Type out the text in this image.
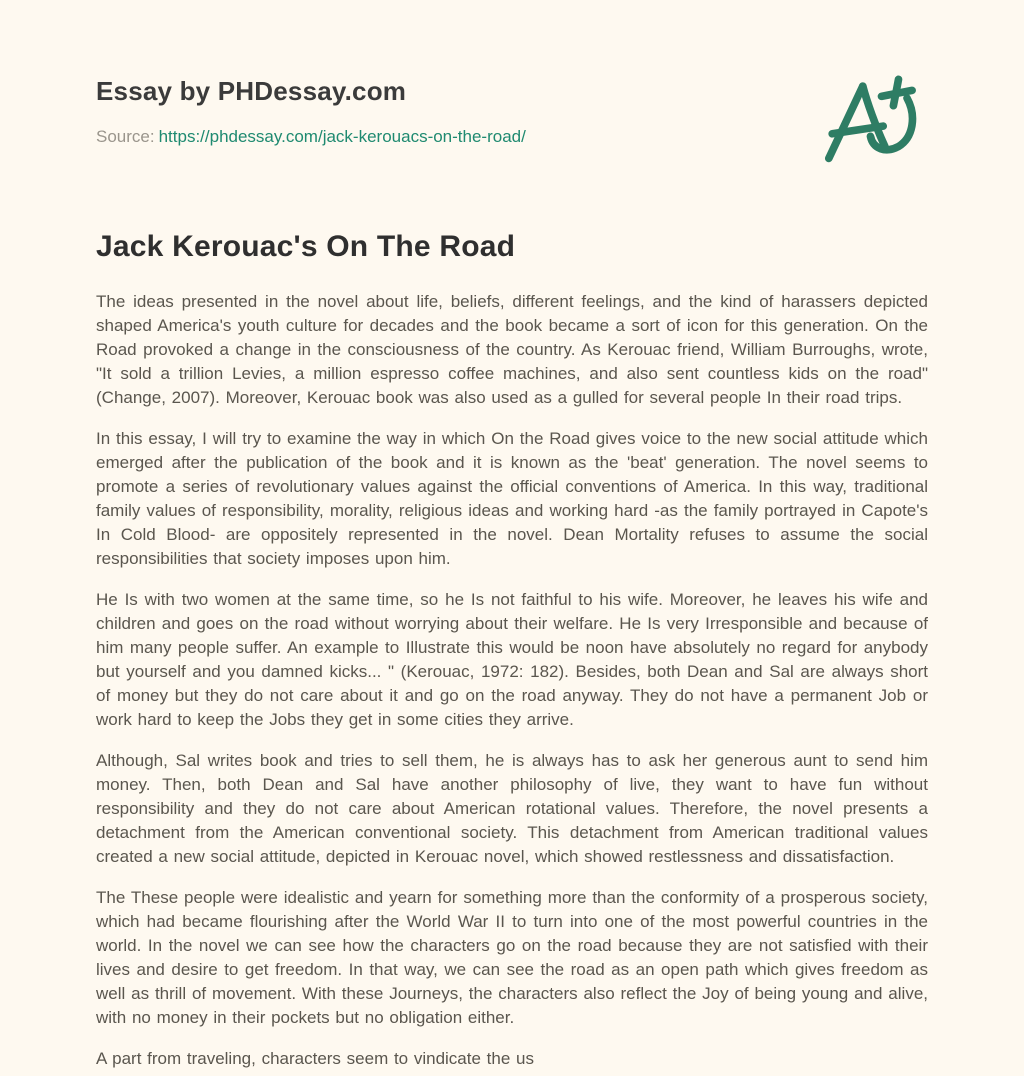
Essay by PHDessay.com
Source: https://phdessay.com/jack-kerouacs-on-the-road/
Jack Kerouac's On The Road

The ideas presented in the novel about life, beliefs, different feelings, and the kind of harassers depicted shaped America's youth culture for decades and the book became a sort of icon for this generation. On the Road provoked a change in the consciousness of the country. As Kerouac friend, William Burroughs, wrote, "It sold a trillion Levies, a million espresso coffee machines, and also sent countless kids on the road" (Change, 2007). Moreover, Kerouac book was also used as a gulled for several people In their road trips.

In this essay, I will try to examine the way in which On the Road gives voice to the new social attitude which emerged after the publication of the book and it is known as the 'beat' generation. The novel seems to promote a series of revolutionary values against the official conventions of America. In this way, traditional family values of responsibility, morality, religious ideas and working hard -as the family portrayed in Capote's In Cold Blood- are oppositely represented in the novel. Dean Mortality refuses to assume the social responsibilities that society imposes upon him.

He Is with two women at the same time, so he Is not faithful to his wife. Moreover, he leaves his wife and children and goes on the road without worrying about their welfare. He Is very Irresponsible and because of him many people suffer. An example to Illustrate this would be noon have absolutely no regard for anybody but yourself and you damned kicks... " (Kerouac, 1972: 182). Besides, both Dean and Sal are always short of money but they do not care about it and go on the road anyway. They do not have a permanent Job or work hard to keep the Jobs they get in some cities they arrive.

Although, Sal writes book and tries to sell them, he is always has to ask her generous aunt to send him money. Then, both Dean and Sal have another philosophy of live, they want to have fun without responsibility and they do not care about American rotational values. Therefore, the novel presents a detachment from the American conventional society. This detachment from American traditional values created a new social attitude, depicted in Kerouac novel, which showed restlessness and dissatisfaction.

The These people were idealistic and yearn for something more than the conformity of a prosperous society, which had became flourishing after the World War II to turn into one of the most powerful countries in the world. In the novel we can see how the characters go on the road because they are not satisfied with their lives and desire to get freedom. In that way, we can see the road as an open path which gives freedom as well as thrill of movement. With these Journeys, the characters also reflect the Joy of being young and alive, with no money in their pockets but no obligation either.

A part from traveling, characters seem to vindicate the us
